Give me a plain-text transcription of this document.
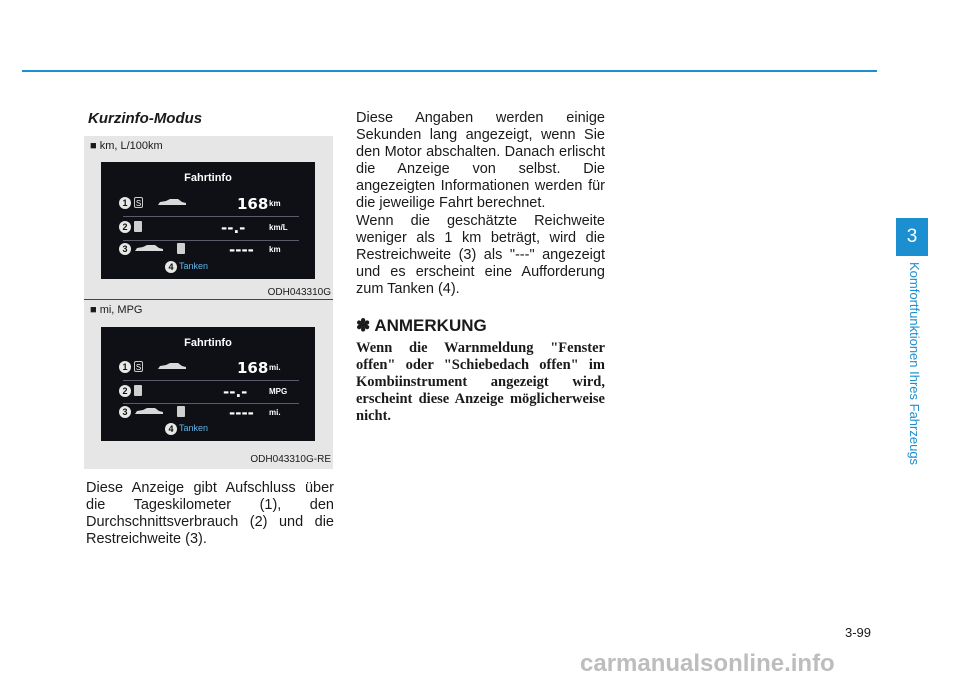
Kurzinfo-Modus
■ km, L/100km
Fahrtinfo
1	S	168 km
2	--.-	km/L
3	---- km
4 Tanken
ODH043310G
■ mi, MPG
Fahrtinfo
1	S	168 mi.
2	--.-	MPG
3	---- mi.
4 Tanken
ODH043310G-RE
Diese Anzeige gibt Aufschluss über die Tageskilometer (1), den Durchschnittsverbrauch (2) und die Restreichweite (3).
Diese Angaben werden einige Sekunden lang angezeigt, wenn Sie den Motor abschalten. Danach erlischt die Anzeige von selbst. Die angezeigten Informationen werden für die jeweilige Fahrt berechnet.
Wenn die geschätzte Reichweite weniger als 1 km beträgt, wird die Restreichweite (3) als "---" angezeigt und es erscheint eine Aufforderung zum Tanken (4).
✽ ANMERKUNG
Wenn die Warnmeldung "Fenster offen" oder "Schiebedach offen" im Kombiinstrument angezeigt wird, erscheint diese Anzeige möglicherweise nicht.
3
Komfortfunktionen Ihres Fahrzeugs
3-99
carmanualsonline.info
